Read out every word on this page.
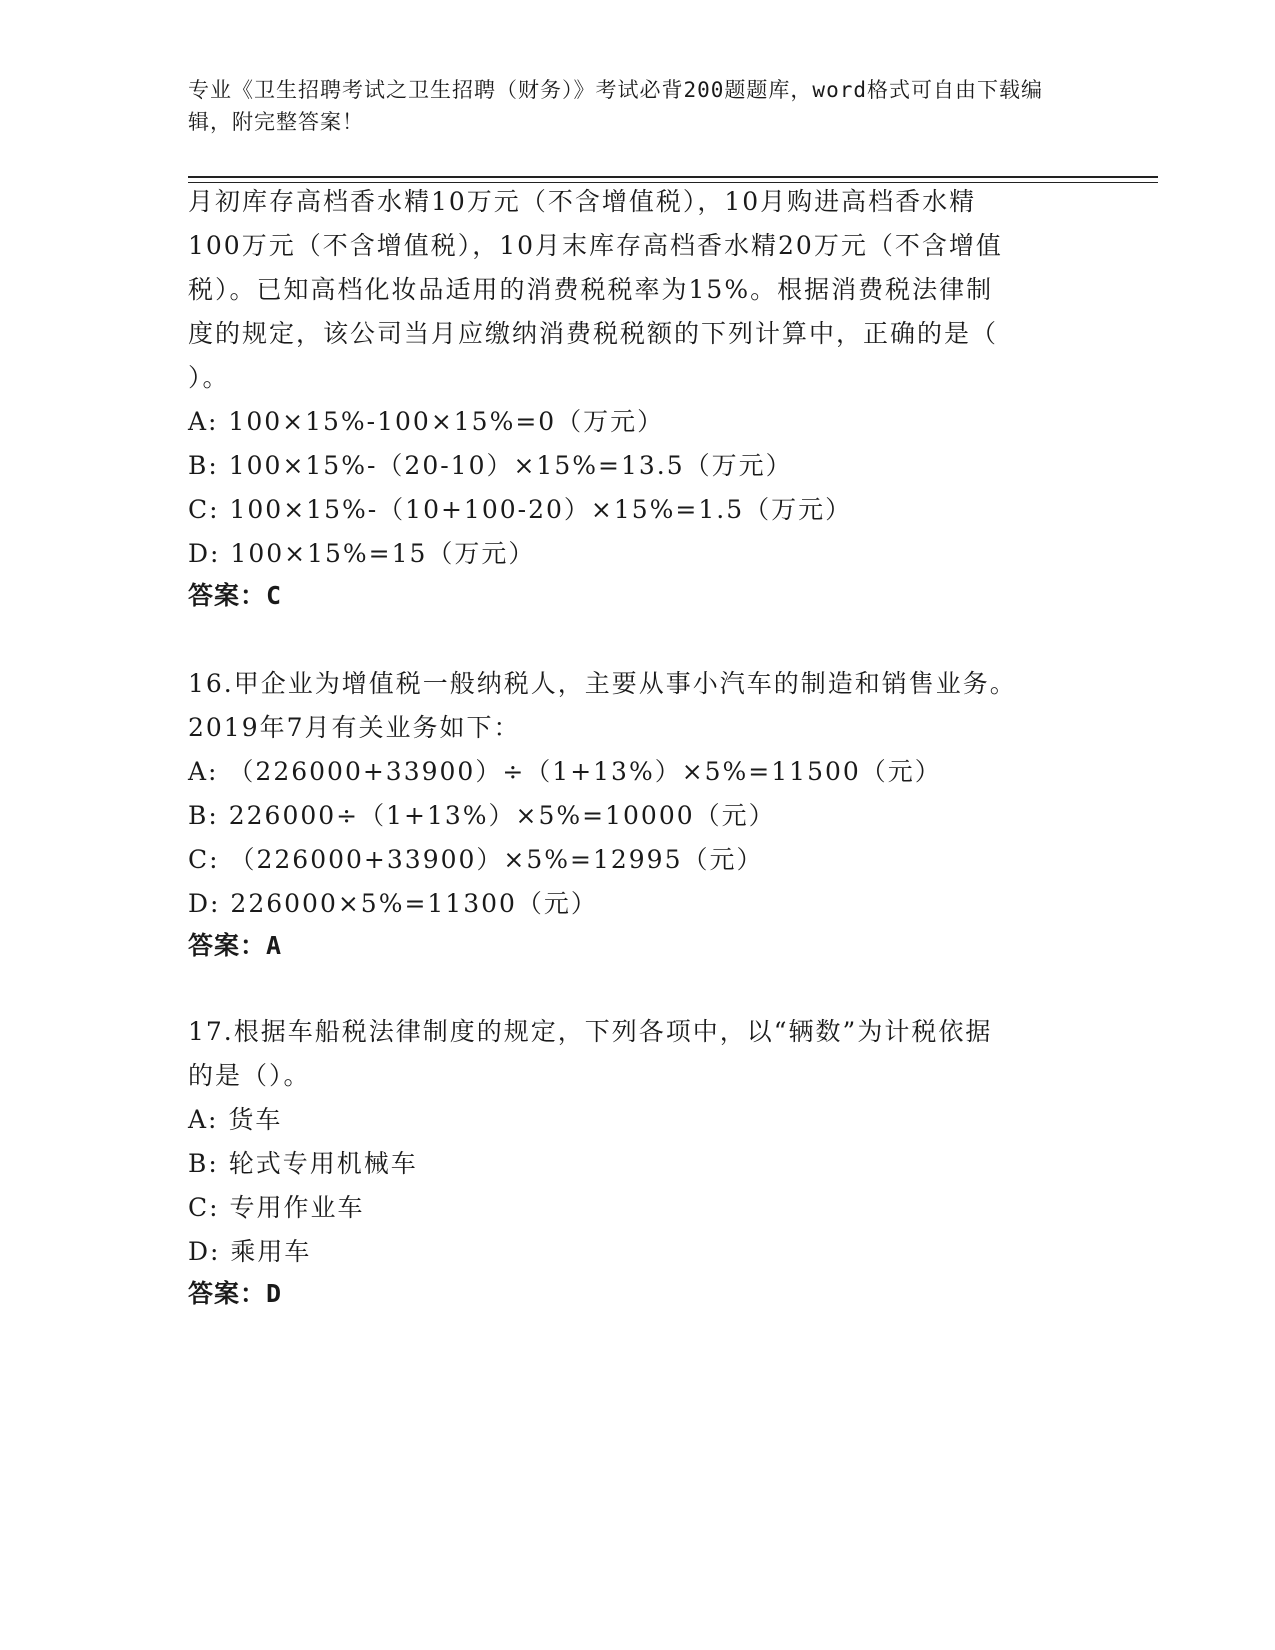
专业《卫生招聘考试之卫生招聘（财务）》考试必背200题题库，word格式可自由下载编辑，附完整答案！
月初库存高档香水精10万元（不含增值税），10月购进高档香水精
100万元（不含增值税），10月末库存高档香水精20万元（不含增值
税）。已知高档化妆品适用的消费税税率为15%。根据消费税法律制
度的规定，该公司当月应缴纳消费税税额的下列计算中，正确的是（
）。
A: 100×15%-100×15%=0（万元）
B: 100×15%-（20-10）×15%=13.5（万元）
C: 100×15%-（10+100-20）×15%=1.5（万元）
D: 100×15%=15（万元）
答案：C
16.甲企业为增值税一般纳税人，主要从事小汽车的制造和销售业务。
2019年7月有关业务如下：
A: （226000+33900）÷（1+13%）×5%=11500（元）
B: 226000÷（1+13%）×5%=10000（元）
C: （226000+33900）×5%=12995（元）
D: 226000×5%=11300（元）
答案：A
17.根据车船税法律制度的规定，下列各项中，以“辆数”为计税依据
的是（）。
A: 货车
B: 轮式专用机械车
C: 专用作业车
D: 乘用车
答案：D
